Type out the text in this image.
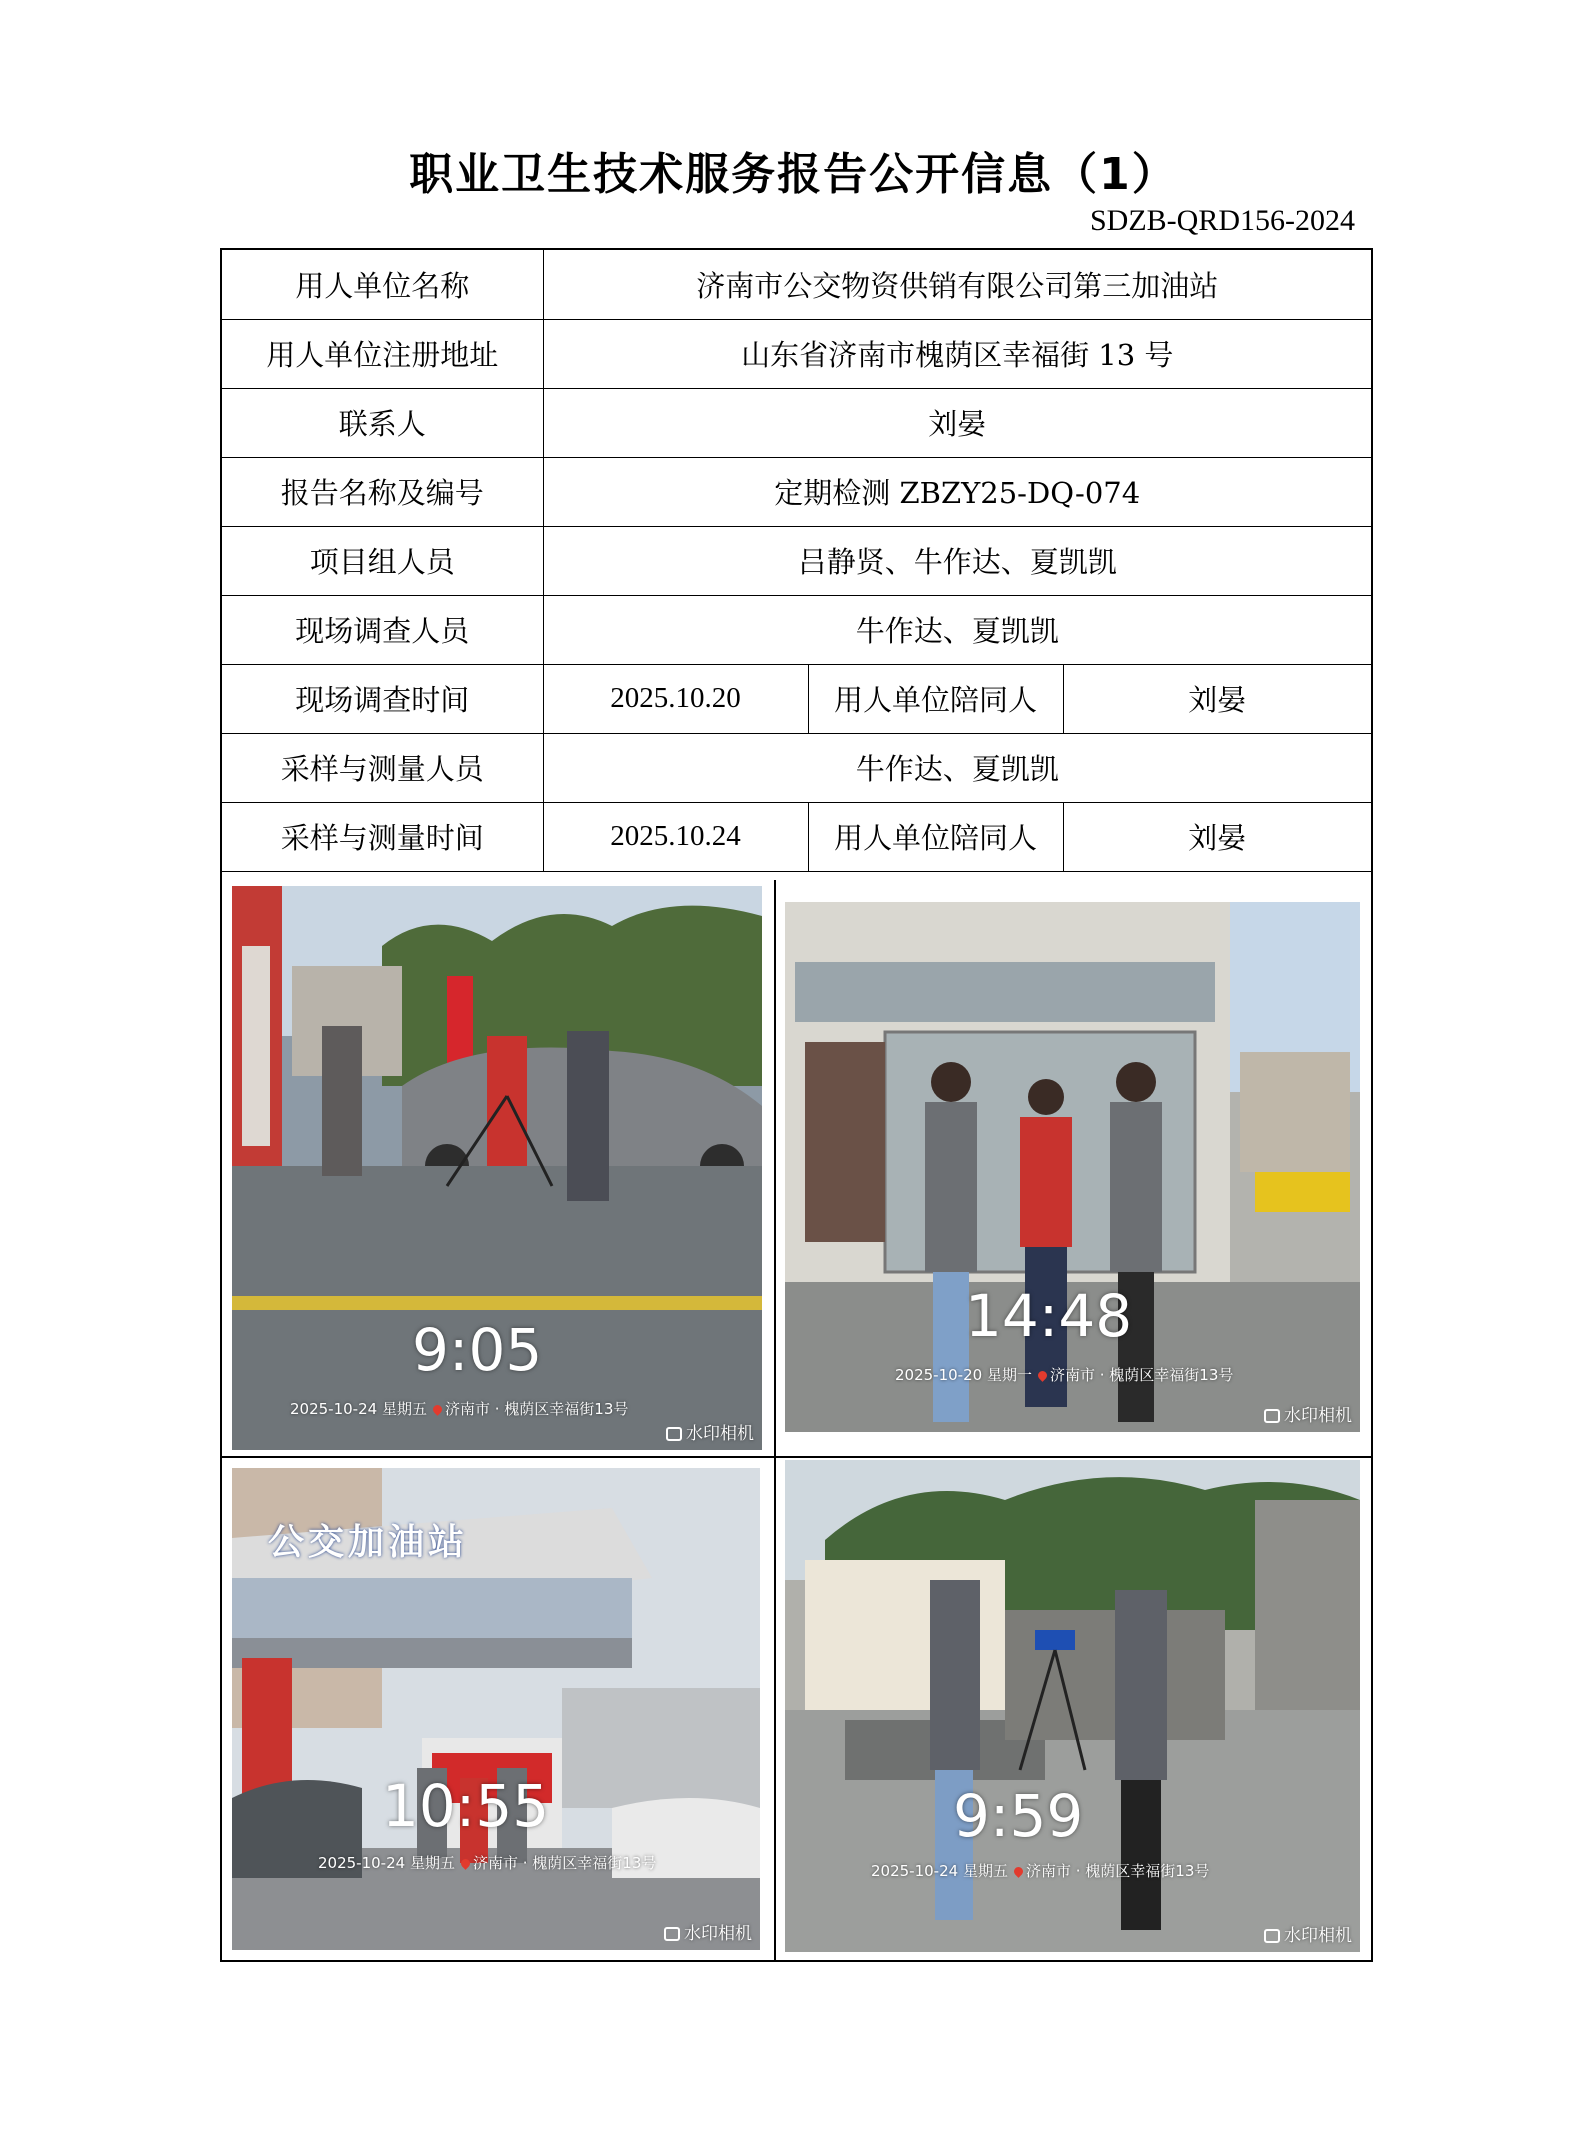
职业卫生技术服务报告公开信息（1）
SDZB-QRD156-2024
用人单位名称	济南市公交物资供销有限公司第三加油站		
用人单位注册地址	山东省济南市槐荫区幸福街 13 号		
联系人	刘晏		
报告名称及编号	定期检测 ZBZY25-DQ-074		
项目组人员	吕静贤、牛作达、夏凯凯		
现场调查人员	牛作达、夏凯凯		
现场调查时间	2025.10.20	用人单位陪同人	刘晏
采样与测量人员	牛作达、夏凯凯		
采样与测量时间	2025.10.24	用人单位陪同人	刘晏
9:05
2025-10-24 星期五 济南市 · 槐荫区幸福街13号
水印相机
14:48
2025-10-20 星期一 济南市 · 槐荫区幸福街13号
水印相机
公交加油站
10:55
2025-10-24 星期五 济南市 · 槐荫区幸福街13号
水印相机
9:59
2025-10-24 星期五 济南市 · 槐荫区幸福街13号
水印相机
